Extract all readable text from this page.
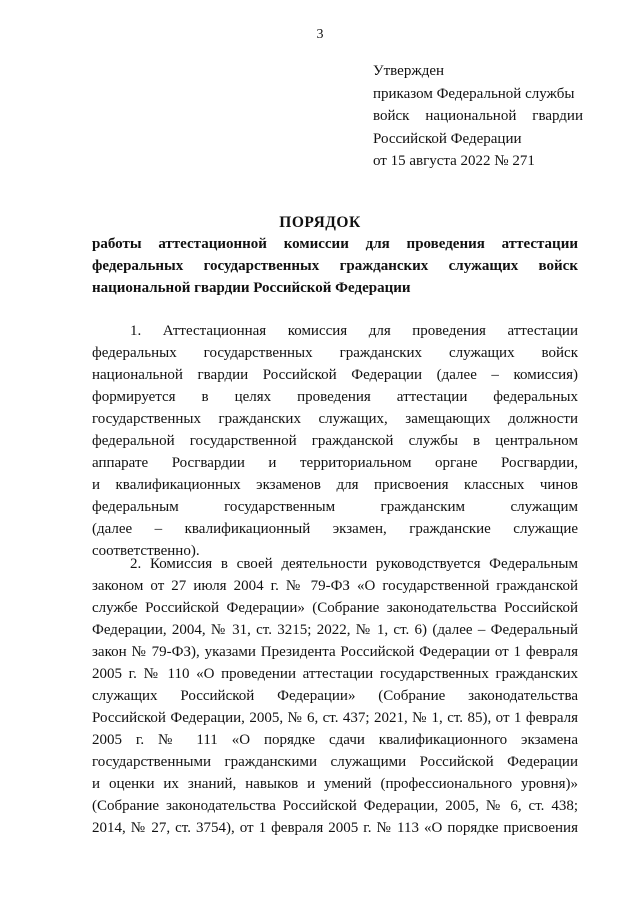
3
Утвержден
приказом Федеральной службы
войск национальной гвардии
Российской Федерации
от 15 августа 2022 № 271
ПОРЯДОК
работы аттестационной комиссии для проведения аттестации
федеральных государственных гражданских служащих войск
национальной гвардии Российской Федерации
1. Аттестационная комиссия для проведения аттестации
федеральных государственных гражданских служащих войск
национальной гвардии Российской Федерации (далее – комиссия)
формируется в целях проведения аттестации федеральных
государственных гражданских служащих, замещающих должности
федеральной государственной гражданской службы в центральном
аппарате Росгвардии и территориальном органе Росгвардии,
и квалификационных экзаменов для присвоения классных чинов
федеральным государственным гражданским служащим
(далее – квалификационный экзамен, гражданские служащие
соответственно).
2. Комиссия в своей деятельности руководствуется Федеральным
законом от 27 июля 2004 г. № 79-ФЗ «О государственной гражданской
службе Российской Федерации» (Собрание законодательства Российской
Федерации, 2004, № 31, ст. 3215; 2022, № 1, ст. 6) (далее – Федеральный
закон № 79-ФЗ), указами Президента Российской Федерации от 1 февраля
2005 г. № 110 «О проведении аттестации государственных гражданских
служащих Российской Федерации» (Собрание законодательства
Российской Федерации, 2005, № 6, ст. 437; 2021, № 1, ст. 85), от 1 февраля
2005 г. № 111 «О порядке сдачи квалификационного экзамена
государственными гражданскими служащими Российской Федерации
и оценки их знаний, навыков и умений (профессионального уровня)»
(Собрание законодательства Российской Федерации, 2005, № 6, ст. 438;
2014, № 27, ст. 3754), от 1 февраля 2005 г. № 113 «О порядке присвоения
